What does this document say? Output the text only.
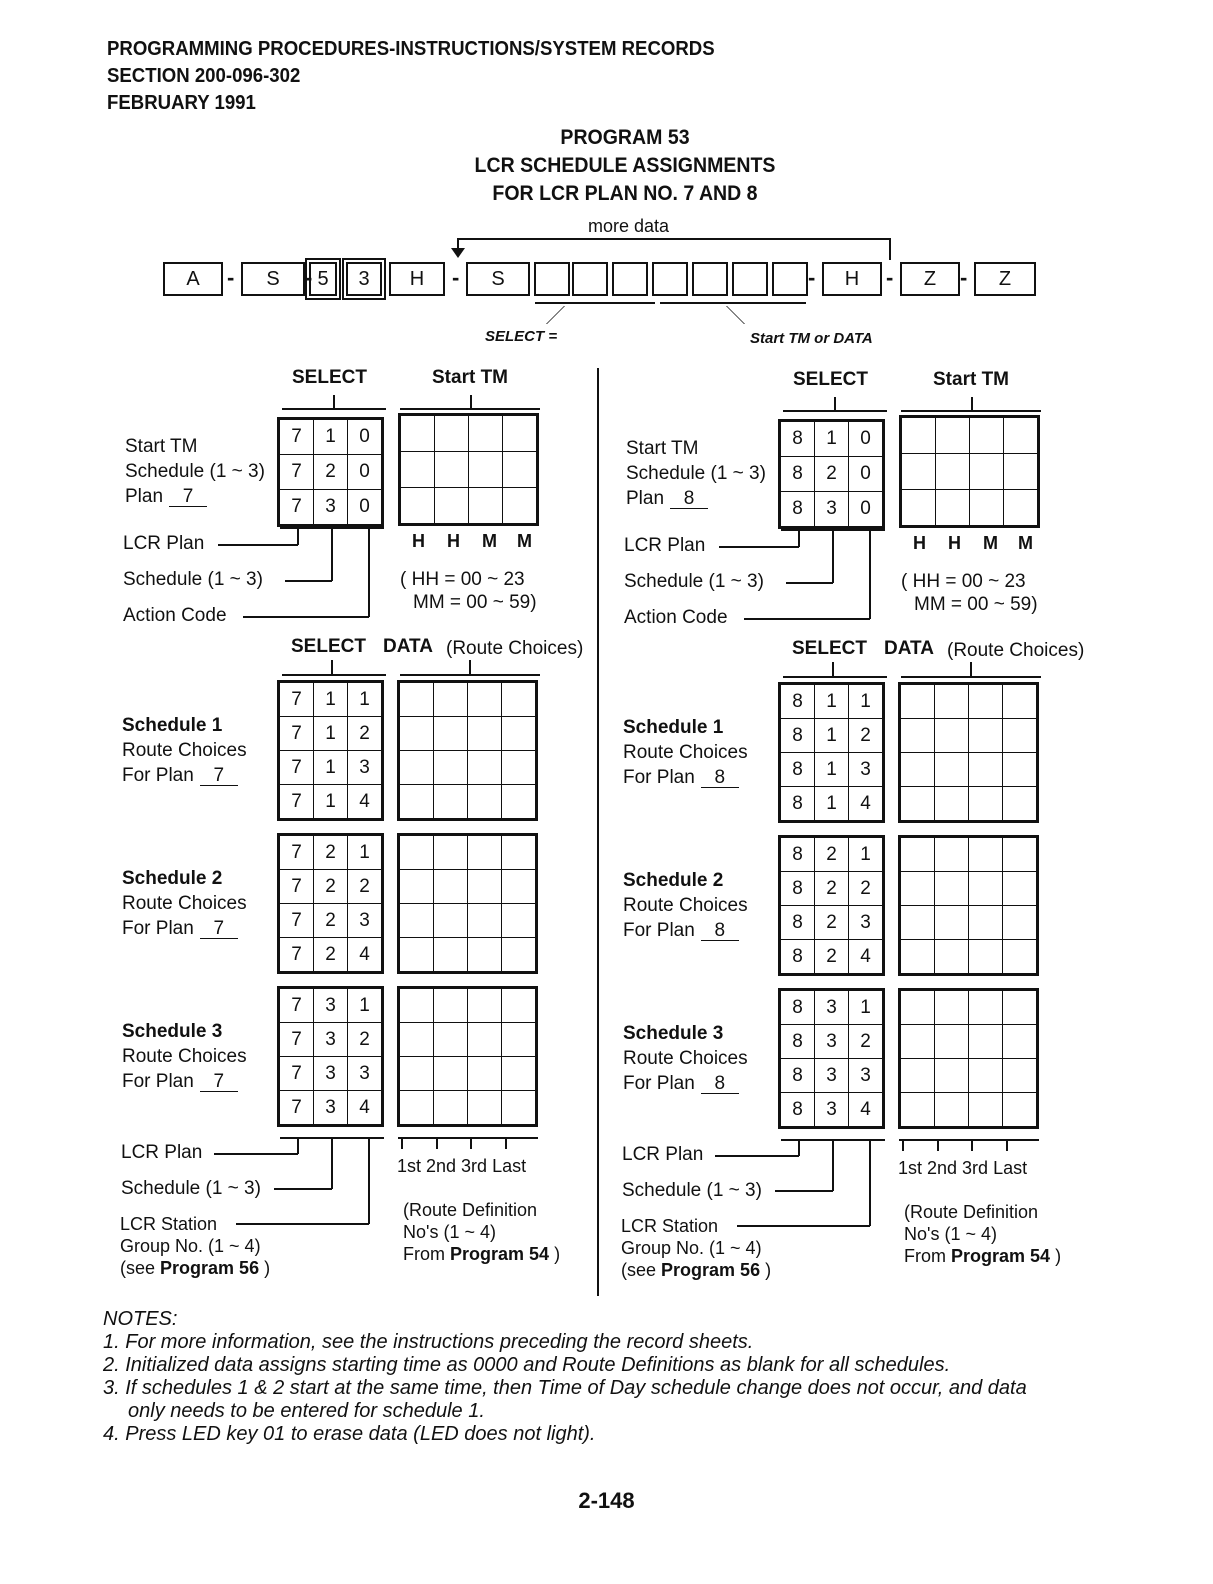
PROGRAMMING PROCEDURES-INSTRUCTIONS/SYSTEM RECORDS
SECTION 200-096-302
FEBRUARY 1991
PROGRAM 53
LCR SCHEDULE ASSIGNMENTS
FOR LCR PLAN NO. 7 AND 8
more data
A	S	5	3	H	S	H	Z	Z
-	-	-	-	-	-
SELECT =	Start TM or DATA
SELECT	Start TM
Start TM
Schedule (1 ~ 3)
Plan 7
7	1	0
7	2	0
7	3	0

H H M M
( HH = 00 ~ 23
MM = 00 ~ 59)
LCR Plan
Schedule (1 ~ 3)
Action Code
SELECT DATA (Route Choices)
Schedule 1
Route Choices
For Plan 7
7	1	1
7	1	2
7	1	3
7	1	4

Schedule 2
Route Choices
For Plan 7
7	2	1
7	2	2
7	2	3
7	2	4

Schedule 3
Route Choices
For Plan 7
7	3	1
7	3	2
7	3	3
7	3	4

1st 2nd 3rd Last
LCR Plan
Schedule (1 ~ 3)
LCR Station
Group No. (1 ~ 4)
(see Program 56 )
(Route Definition
No's (1 ~ 4)
From Program 54 )
SELECT	Start TM
Start TM
Schedule (1 ~ 3)
Plan 8
8	1	0
8	2	0
8	3	0

H H M M
( HH = 00 ~ 23
MM = 00 ~ 59)
LCR Plan
Schedule (1 ~ 3)
Action Code
SELECT DATA (Route Choices)
Schedule 1
Route Choices
For Plan 8
8	1	1
8	1	2
8	1	3
8	1	4

Schedule 2
Route Choices
For Plan 8
8	2	1
8	2	2
8	2	3
8	2	4

Schedule 3
Route Choices
For Plan 8
8	3	1
8	3	2
8	3	3
8	3	4

1st 2nd 3rd Last
LCR Plan
Schedule (1 ~ 3)
LCR Station
Group No. (1 ~ 4)
(see Program 56 )
(Route Definition
No's (1 ~ 4)
From Program 54 )
NOTES:
1. For more information, see the instructions preceding the record sheets.
2. Initialized data assigns starting time as 0000 and Route Definitions as blank for all schedules.
3. If schedules 1 & 2 start at the same time, then Time of Day schedule change does not occur, and data
only needs to be entered for schedule 1.
4. Press LED key 01 to erase data (LED does not light).
2-148
